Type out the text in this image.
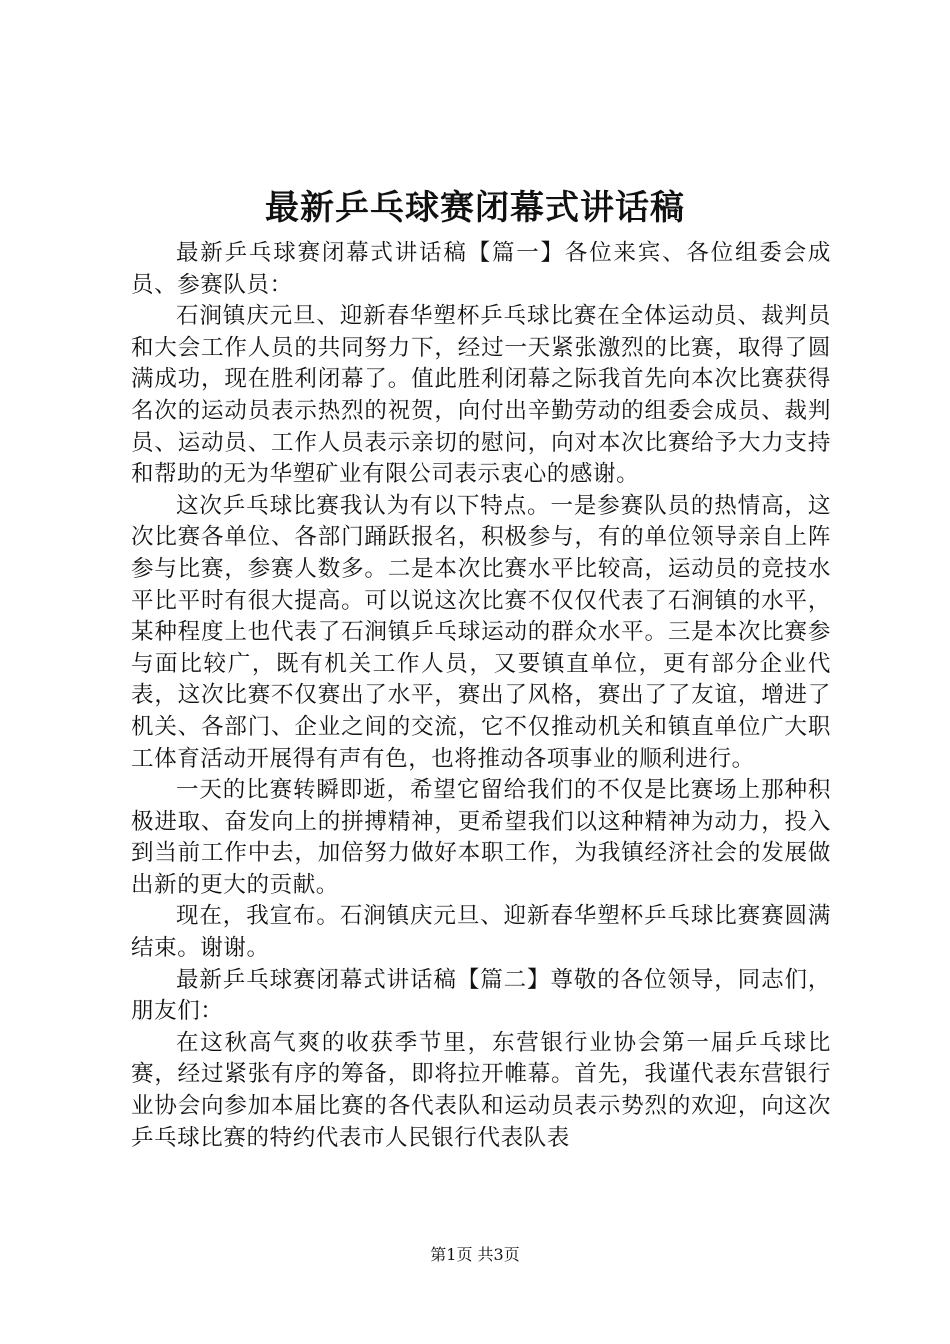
最新乒乓球赛闭幕式讲话稿

最新乒乓球赛闭幕式讲话稿【篇一】各位来宾、各位组委会成员、参赛队员：

石涧镇庆元旦、迎新春华塑杯乒乓球比赛在全体运动员、裁判员和大会工作人员的共同努力下，经过一天紧张激烈的比赛，取得了圆满成功，现在胜利闭幕了。值此胜利闭幕之际我首先向本次比赛获得名次的运动员表示热烈的祝贺，向付出辛勤劳动的组委会成员、裁判员、运动员、工作人员表示亲切的慰问，向对本次比赛给予大力支持和帮助的无为华塑矿业有限公司表示衷心的感谢。

这次乒乓球比赛我认为有以下特点。一是参赛队员的热情高，这次比赛各单位、各部门踊跃报名，积极参与，有的单位领导亲自上阵参与比赛，参赛人数多。二是本次比赛水平比较高，运动员的竞技水平比平时有很大提高。可以说这次比赛不仅仅代表了石涧镇的水平，某种程度上也代表了石涧镇乒乓球运动的群众水平。三是本次比赛参与面比较广，既有机关工作人员，又要镇直单位，更有部分企业代表，这次比赛不仅赛出了水平，赛出了风格，赛出了了友谊，增进了机关、各部门、企业之间的交流，它不仅推动机关和镇直单位广大职工体育活动开展得有声有色，也将推动各项事业的顺利进行。

一天的比赛转瞬即逝，希望它留给我们的不仅是比赛场上那种积极进取、奋发向上的拼搏精神，更希望我们以这种精神为动力，投入到当前工作中去，加倍努力做好本职工作，为我镇经济社会的发展做出新的更大的贡献。

现在，我宣布。石涧镇庆元旦、迎新春华塑杯乒乓球比赛赛圆满结束。谢谢。

最新乒乓球赛闭幕式讲话稿【篇二】尊敬的各位领导，同志们，朋友们：

在这秋高气爽的收获季节里，东营银行业协会第一届乒乓球比赛，经过紧张有序的筹备，即将拉开帷幕。首先，我谨代表东营银行业协会向参加本届比赛的各代表队和运动员表示势烈的欢迎，向这次乒乓球比赛的特约代表市人民银行代表队表

第1页 共3页
